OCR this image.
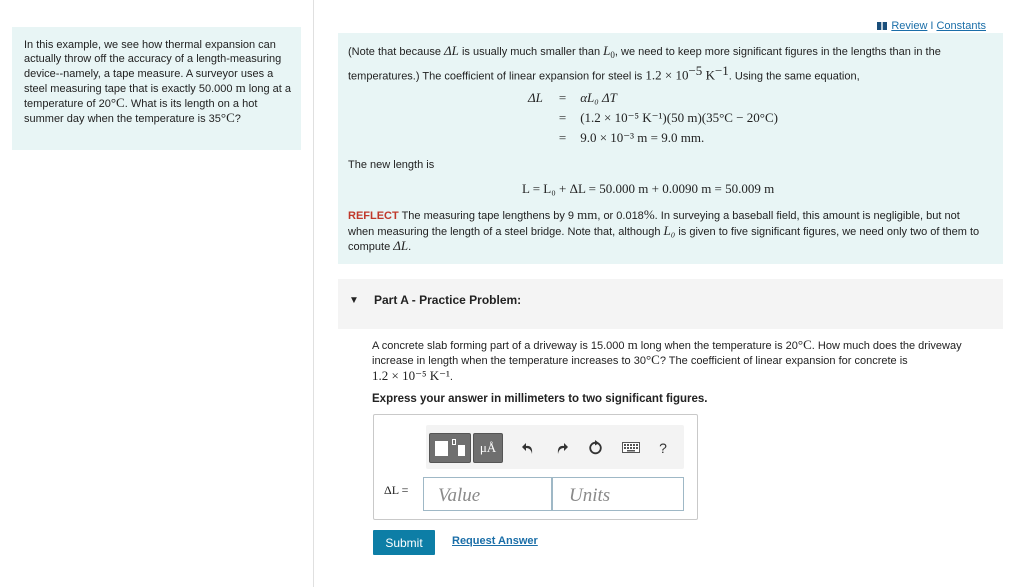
In this example, we see how thermal expansion can actually throw off the accuracy of a length-measuring device--namely, a tape measure. A surveyor uses a steel measuring tape that is exactly 50.000 m long at a temperature of 20°C. What is its length on a hot summer day when the temperature is 35°C?

Review I Constants

(Note that because ΔL is usually much smaller than $L_0$, we need to keep more significant figures in the lengths than in the temperatures.) The coefficient of linear expansion for steel is $1.2 \times 10^{-5}$ $K^{-1}$. Using the same equation,

ΔL	=	αL₀ ΔT
	=	(1.2 × 10⁻⁵ K⁻¹)(50 m)(35°C − 20°C)
	=	9.0 × 10⁻³ m = 9.0 mm.
The new length is
L = L₀ + ΔL = 50.000 m + 0.0090 m = 50.009 m
REFLECT The measuring tape lengthens by 9 mm, or 0.018%. In surveying a baseball field, this amount is negligible, but not when measuring the length of a steel bridge. Note that, although L₀ is given to five significant figures, we need only two of them to compute ΔL.
▼ Part A - Practice Problem:
A concrete slab forming part of a driveway is 15.000 m long when the temperature is 20°C. How much does the driveway increase in length when the temperature increases to 30°C? The coefficient of linear expansion for concrete is
1.2 × 10⁻⁵ K⁻¹.
Express your answer in millimeters to two significant figures.
μÅ	?
ΔL =
Value
Units
Submit	Request Answer
